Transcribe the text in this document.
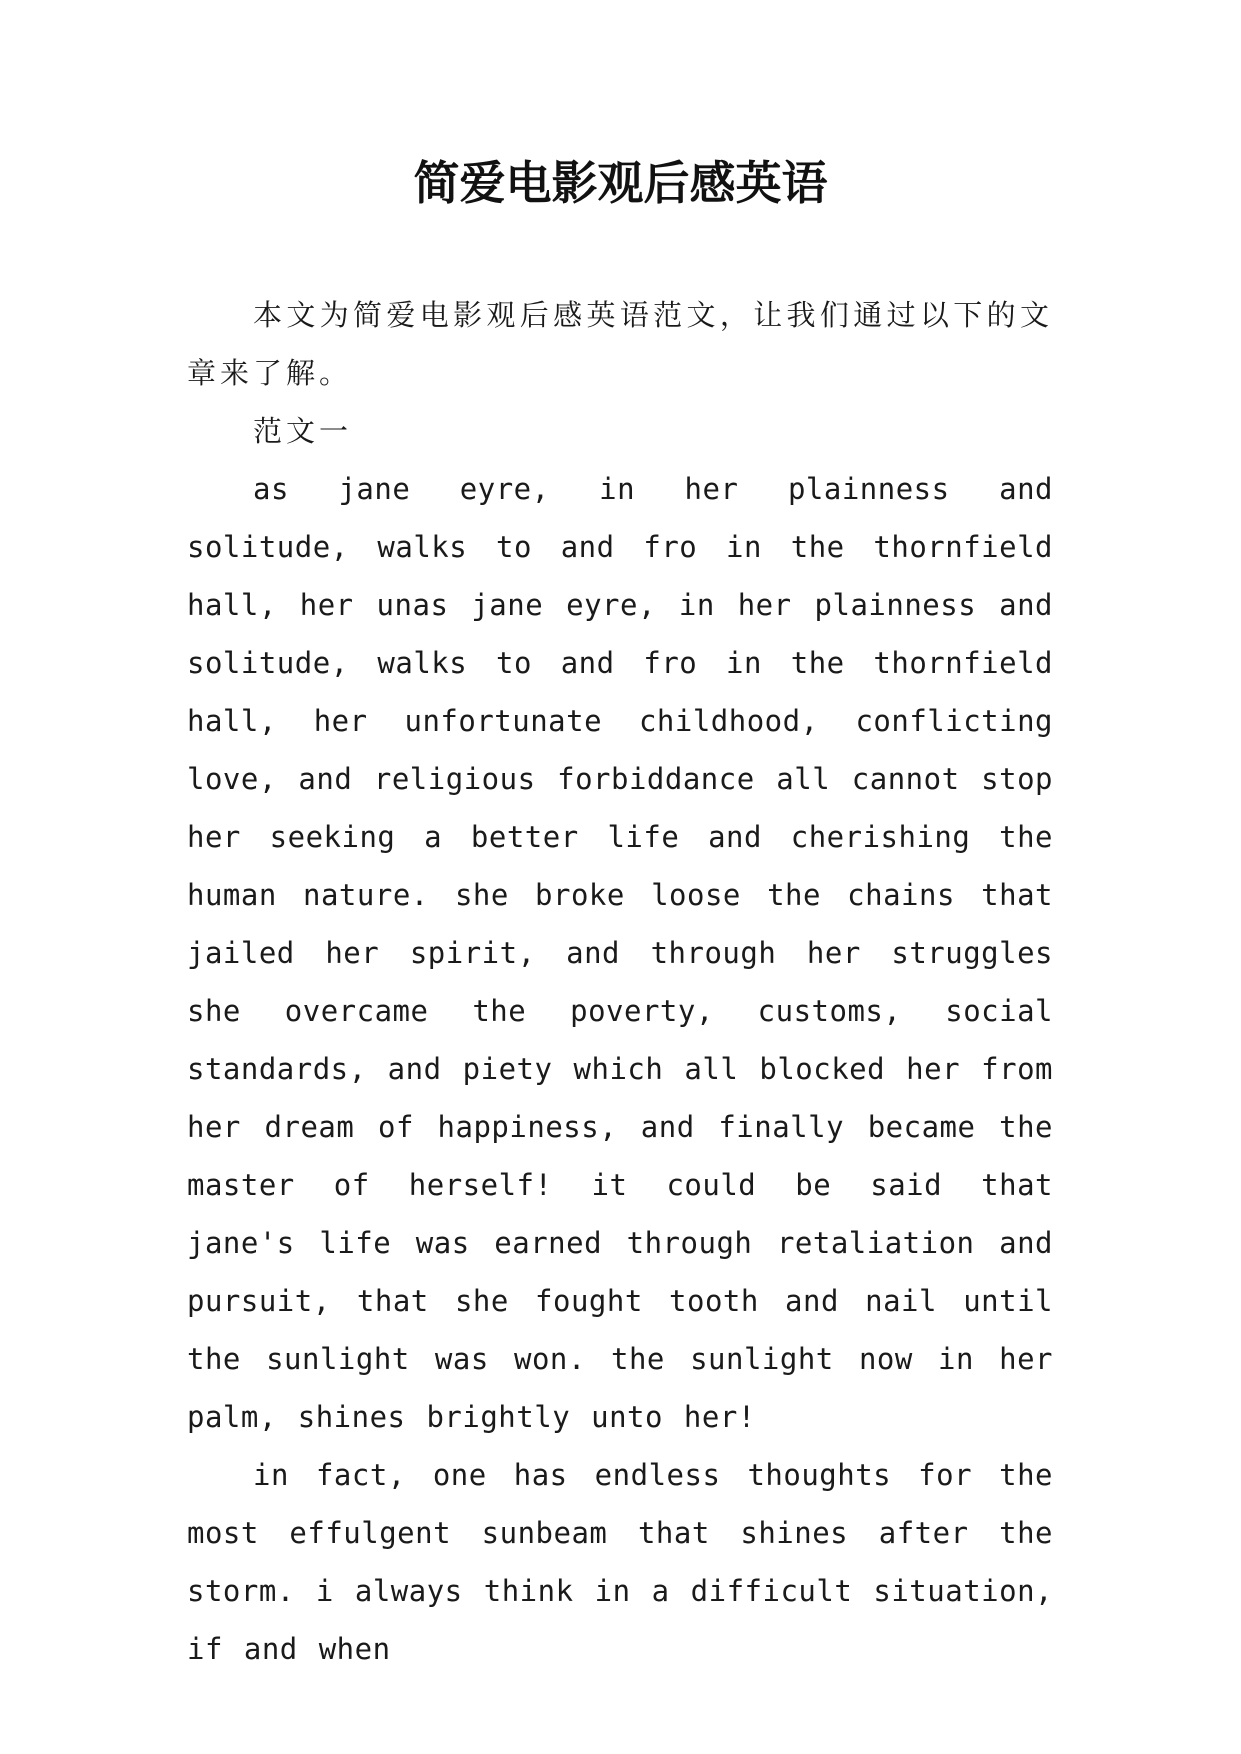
简爱电影观后感英语

本文为简爱电影观后感英语范文，让我们通过以下的文章来了解。

范文一

as jane eyre, in her plainness and solitude, walks to and fro in the thornfield hall, her unas jane eyre, in her plainness and solitude, walks to and fro in the thornfield hall, her unfortunate childhood, conflicting love, and religious forbiddance all cannot stop her seeking a better life and cherishing the human nature. she broke loose the chains that jailed her spirit, and through her struggles she overcame the poverty, customs, social standards, and piety which all blocked her from her dream of happiness, and finally became the master of herself! it could be said that jane's life was earned through retaliation and pursuit, that she fought tooth and nail until the sunlight was won. the sunlight now in her palm, shines brightly unto her!

in fact, one has endless thoughts for the most effulgent sunbeam that shines after the storm. i always think in a difficult situation, if and when
